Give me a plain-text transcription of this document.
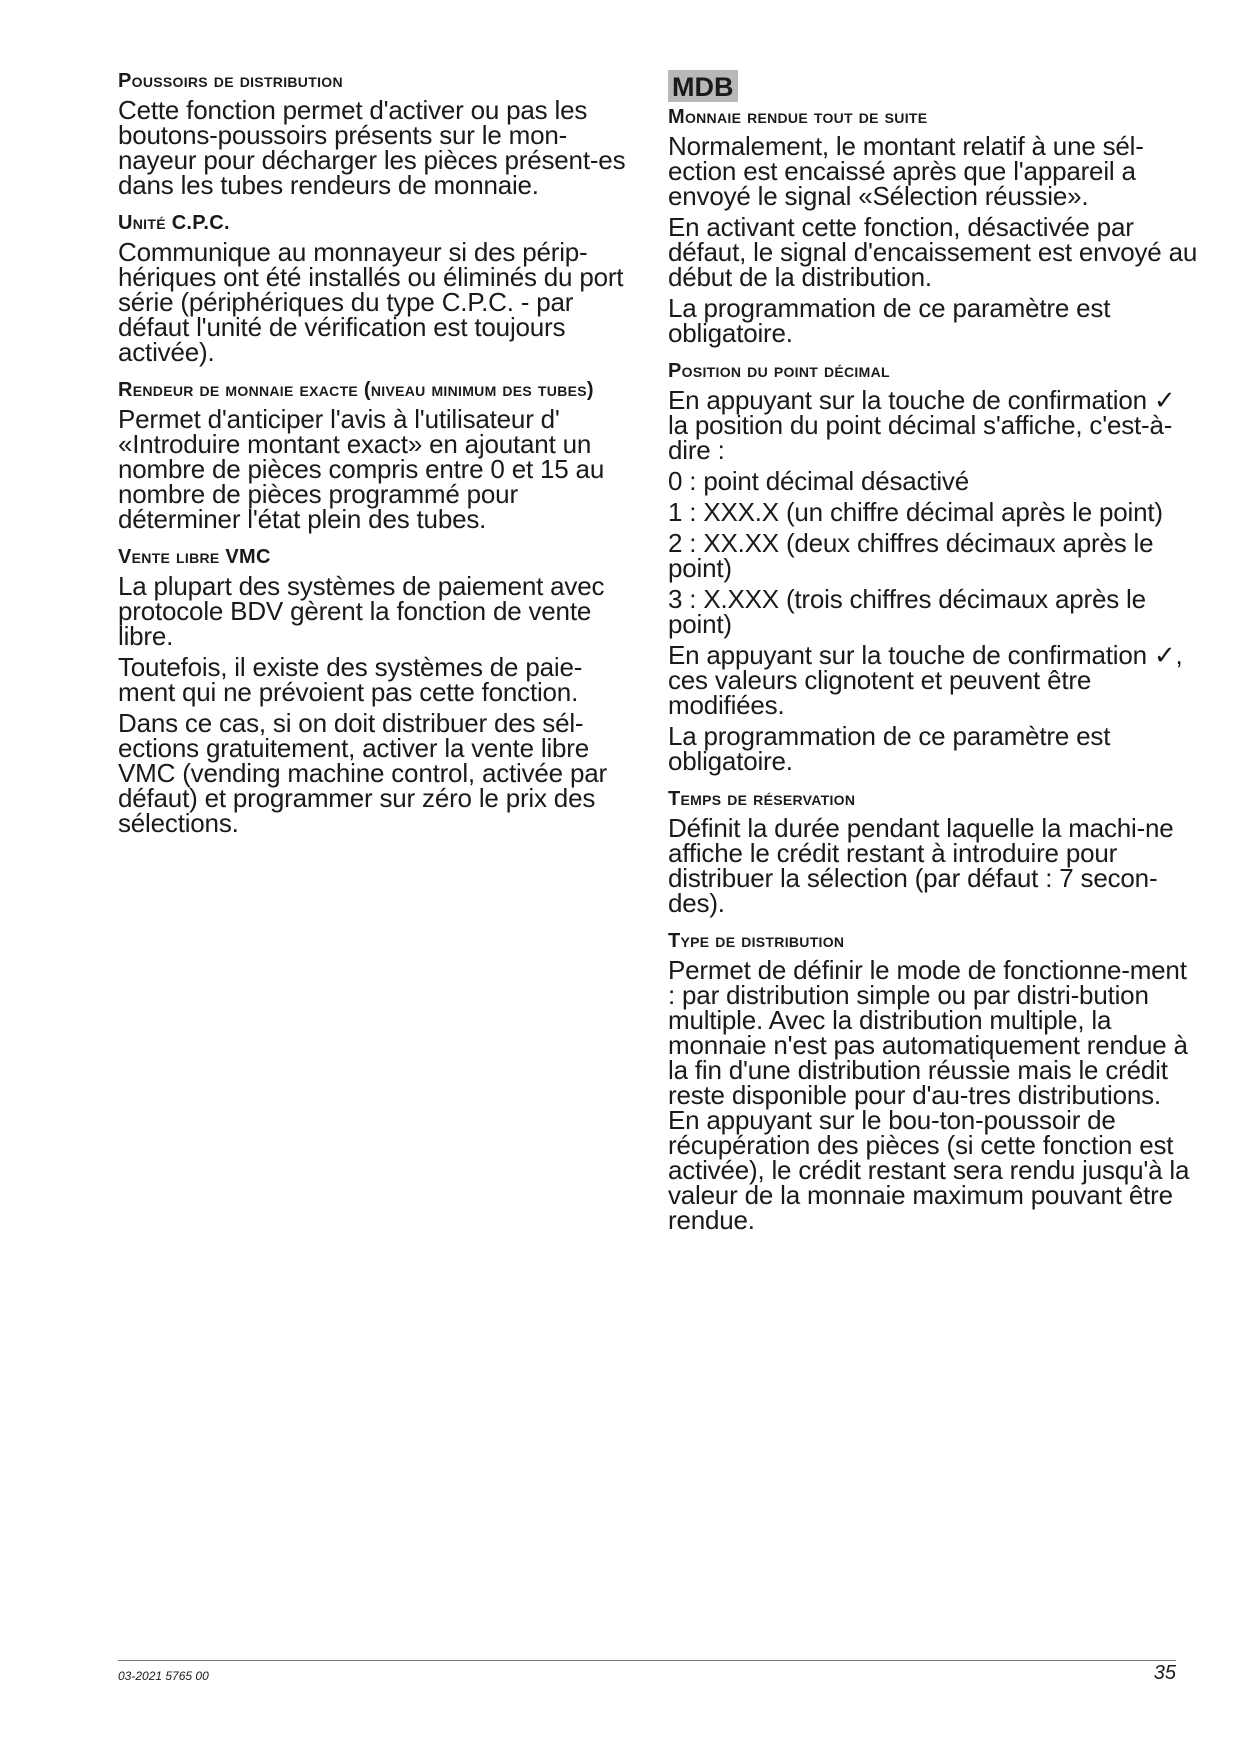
Poussoirs de distribution

Cette fonction permet d'activer ou pas les boutons-poussoirs présents sur le mon-nayeur pour décharger les pièces présent-es dans les tubes rendeurs de monnaie.

Unité C.P.C.

Communique au monnayeur si des périp-hériques ont été installés ou éliminés du port série (périphériques du type C.P.C. - par défaut l'unité de vérification est toujours activée).

Rendeur de monnaie exacte (niveau minimum des tubes)

Permet d'anticiper l'avis à l'utilisateur d' «Introduire montant exact» en ajoutant un nombre de pièces compris entre 0 et 15 au nombre de pièces programmé pour déterminer l'état plein des tubes.

Vente libre VMC

La plupart des systèmes de paiement avec protocole BDV gèrent la fonction de vente libre.

Toutefois, il existe des systèmes de paie-ment qui ne prévoient pas cette fonction.

Dans ce cas, si on doit distribuer des sél-ections gratuitement, activer la vente libre VMC (vending machine control, activée par défaut) et programmer sur zéro le prix des sélections.

MDB
Monnaie rendue tout de suite

Normalement, le montant relatif à une sél-ection est encaissé après que l'appareil a envoyé le signal «Sélection réussie».

En activant cette fonction, désactivée par défaut, le signal d'encaissement est envoyé au début de la distribution.

La programmation de ce paramètre est obligatoire.

Position du point décimal

En appuyant sur la touche de confirmation ✓ la position du point décimal s'affiche, c'est-à-dire :

0 : point décimal désactivé

1 : XXX.X (un chiffre décimal après le point)

2 : XX.XX (deux chiffres décimaux après le point)

3 : X.XXX (trois chiffres décimaux après le point)

En appuyant sur la touche de confirmation ✓, ces valeurs clignotent et peuvent être modifiées.

La programmation de ce paramètre est obligatoire.

Temps de réservation

Définit la durée pendant laquelle la machi-ne affiche le crédit restant à introduire pour distribuer la sélection (par défaut : 7 secon-des).

Type de distribution

Permet de définir le mode de fonctionne-ment : par distribution simple ou par distri-bution multiple. Avec la distribution multiple, la monnaie n'est pas automatiquement rendue à la fin d'une distribution réussie mais le crédit reste disponible pour d'au-tres distributions. En appuyant sur le bou-ton-poussoir de récupération des pièces (si cette fonction est activée), le crédit restant sera rendu jusqu'à la valeur de la monnaie maximum pouvant être rendue.

03-2021 5765 00	35
